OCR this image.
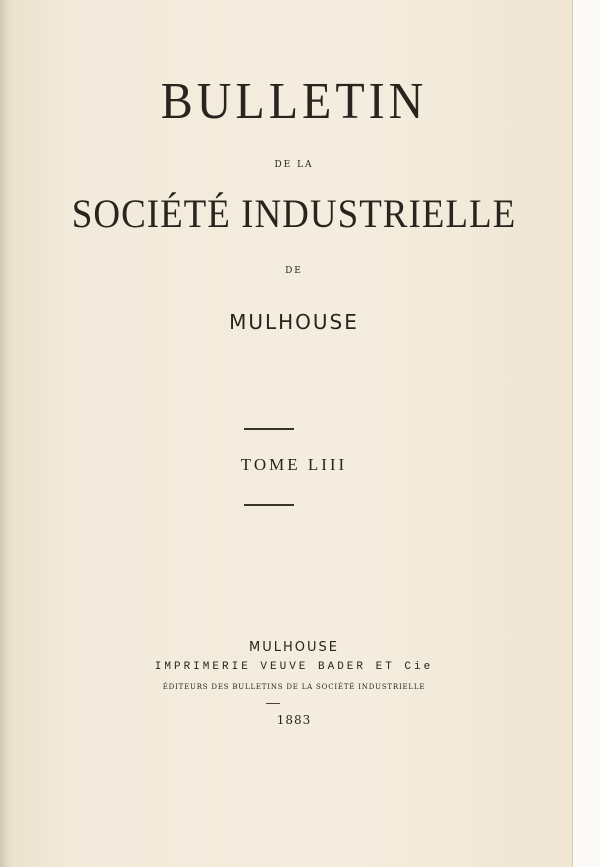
BULLETIN
DE LA
SOCIÉTÉ INDUSTRIELLE
DE
MULHOUSE
TOME LIII
MULHOUSE
IMPRIMERIE VEUVE BADER ET Cie
ÉDITEURS DES BULLETINS DE LA SOCIÉTÉ INDUSTRIELLE
1883
